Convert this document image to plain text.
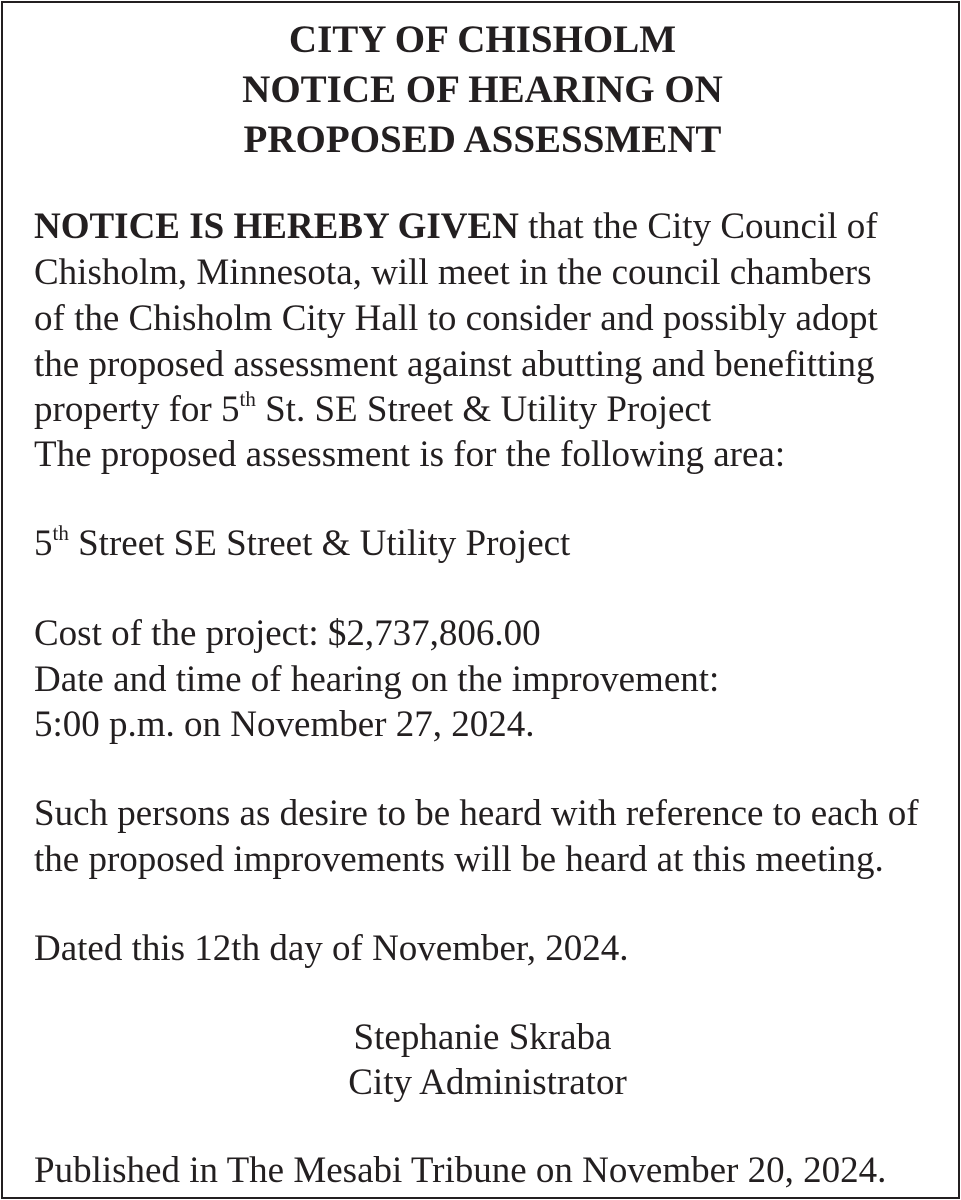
CITY OF CHISHOLM
NOTICE OF HEARING ON
PROPOSED ASSESSMENT
NOTICE IS HEREBY GIVEN that the City Council of
Chisholm, Minnesota, will meet in the council chambers
of the Chisholm City Hall to consider and possibly adopt
the proposed assessment against abutting and benefitting
property for 5th St. SE Street & Utility Project
The proposed assessment is for the following area:
5th Street SE Street & Utility Project
Cost of the project: $2,737,806.00
Date and time of hearing on the improvement:
5:00 p.m. on November 27, 2024.
Such persons as desire to be heard with reference to each of
the proposed improvements will be heard at this meeting.
Dated this 12th day of November, 2024.
Stephanie Skraba
City Administrator
Published in The Mesabi Tribune on November 20, 2024.
